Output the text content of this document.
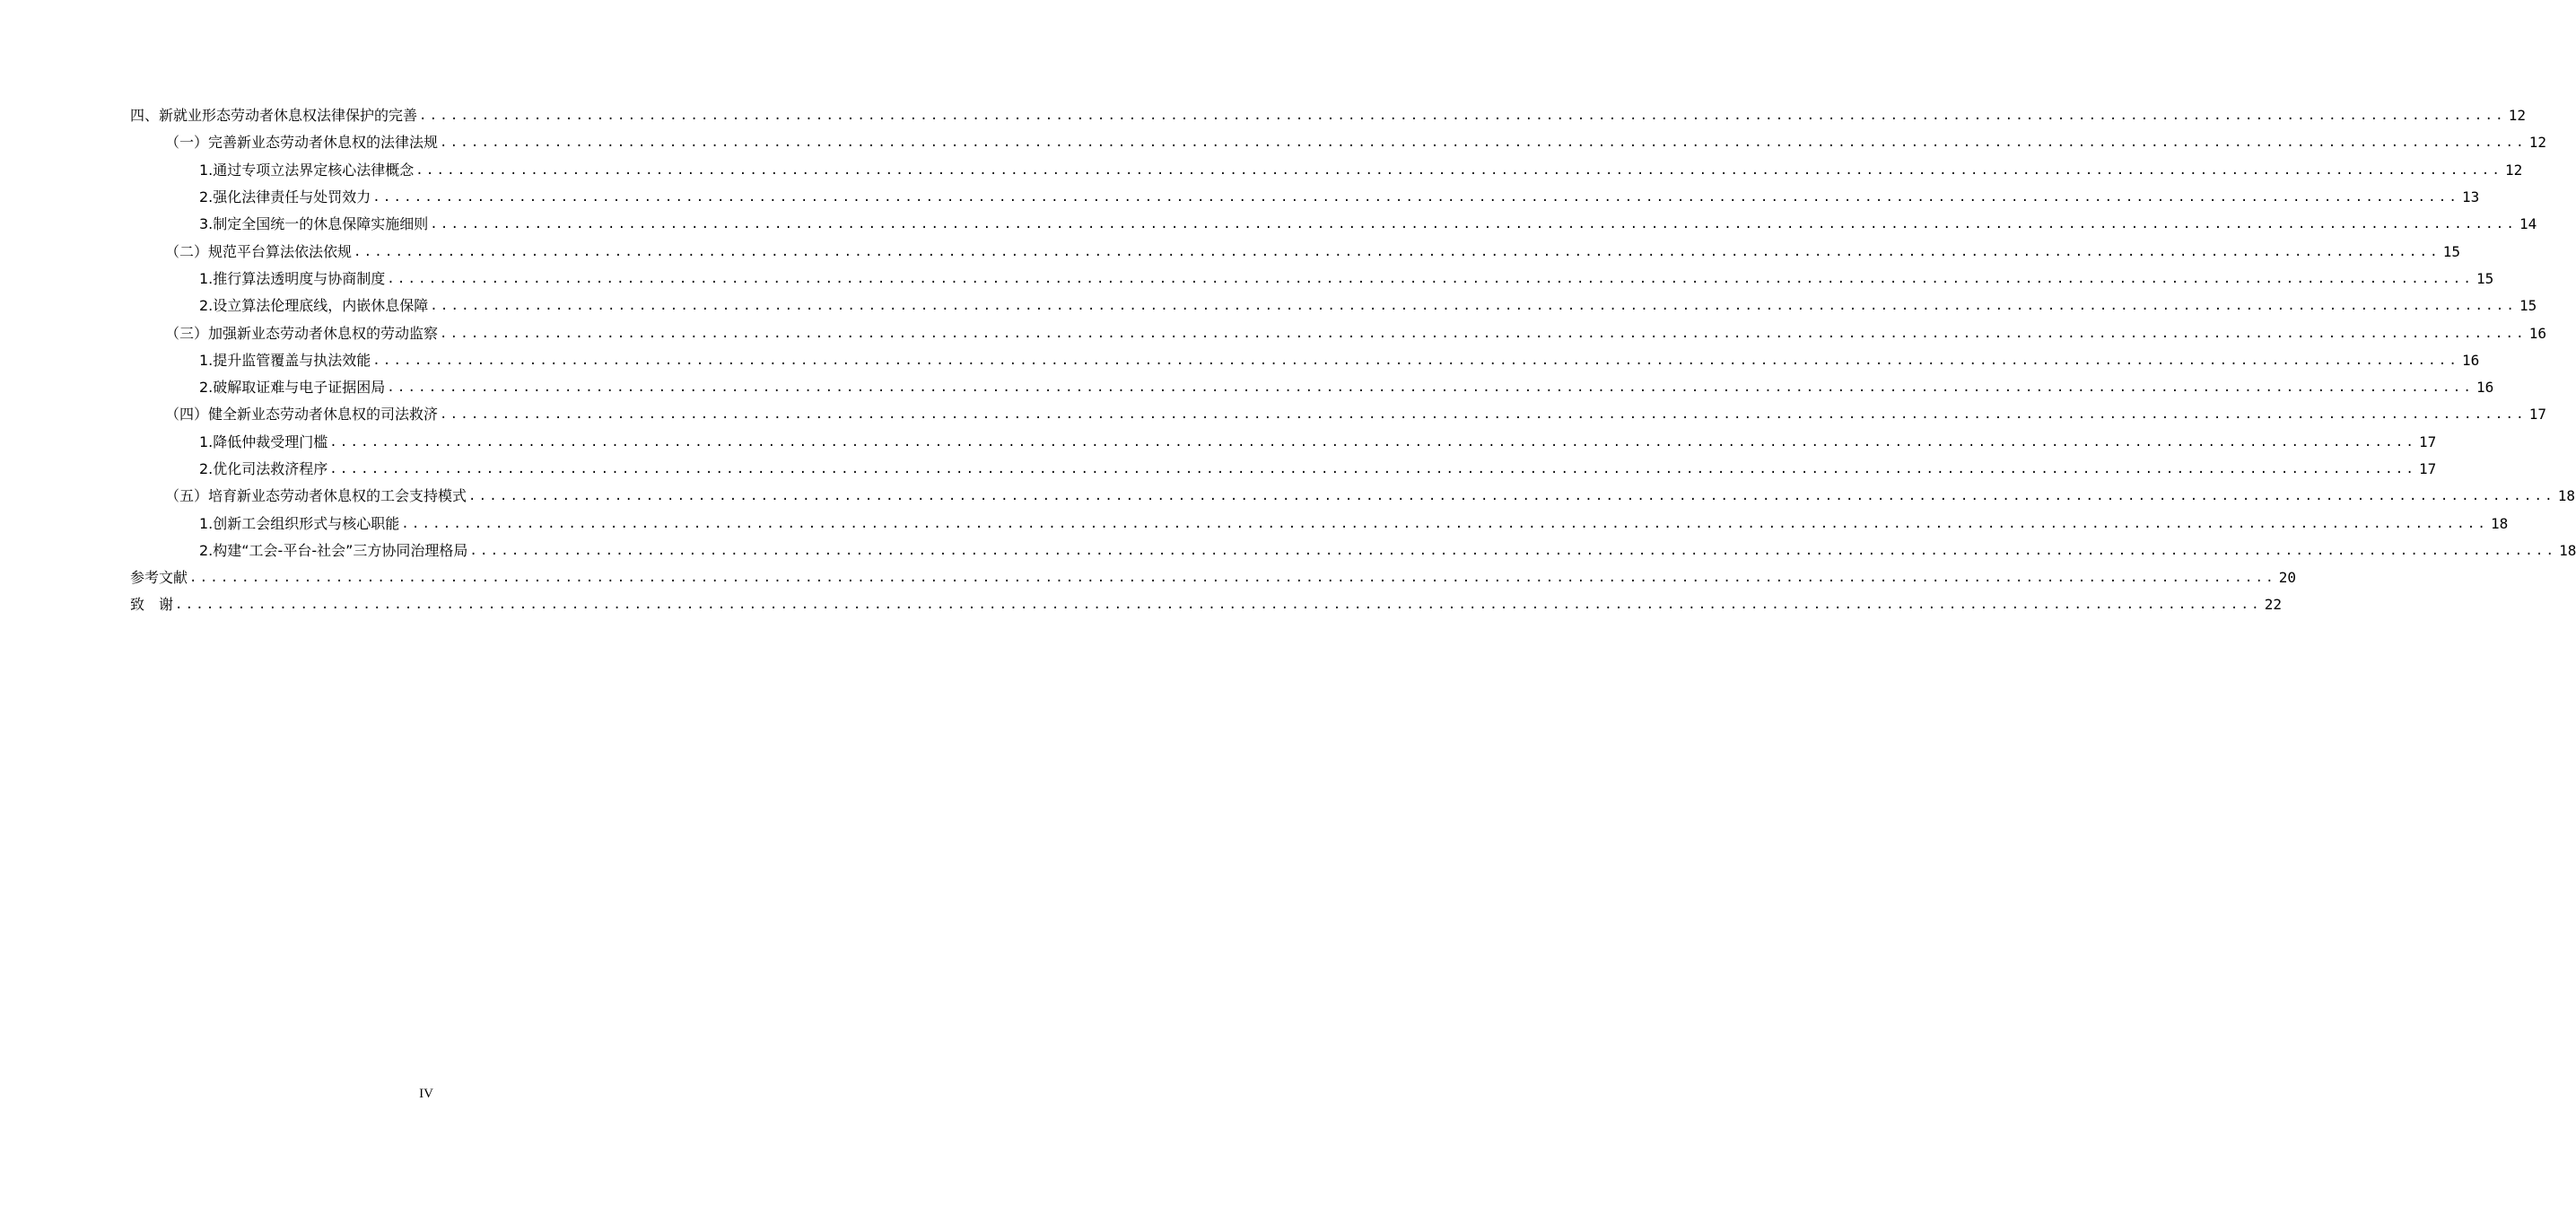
四、新就业形态劳动者休息权法律保护的完善 ........................................................................................................................................................................................................ 12
（一）完善新业态劳动者休息权的法律法规 ........................................................................................................................................................................................................ 12
1.通过专项立法界定核心法律概念 ........................................................................................................................................................................................................ 12
2.强化法律责任与处罚效力 ........................................................................................................................................................................................................ 13
3.制定全国统一的休息保障实施细则 ........................................................................................................................................................................................................ 14
（二）规范平台算法依法依规 ........................................................................................................................................................................................................ 15
1.推行算法透明度与协商制度 ........................................................................................................................................................................................................ 15
2.设立算法伦理底线，内嵌休息保障 ........................................................................................................................................................................................................ 15
（三）加强新业态劳动者休息权的劳动监察 ........................................................................................................................................................................................................ 16
1.提升监管覆盖与执法效能 ........................................................................................................................................................................................................ 16
2.破解取证难与电子证据困局 ........................................................................................................................................................................................................ 16
（四）健全新业态劳动者休息权的司法救济 ........................................................................................................................................................................................................ 17
1.降低仲裁受理门槛 ........................................................................................................................................................................................................ 17
2.优化司法救济程序 ........................................................................................................................................................................................................ 17
（五）培育新业态劳动者休息权的工会支持模式 ........................................................................................................................................................................................................ 18
1.创新工会组织形式与核心职能 ........................................................................................................................................................................................................ 18
2.构建“工会-平台-社会”三方协同治理格局 ........................................................................................................................................................................................................ 18
参考文献 ........................................................................................................................................................................................................ 20
致　谢 ........................................................................................................................................................................................................ 22
IV
